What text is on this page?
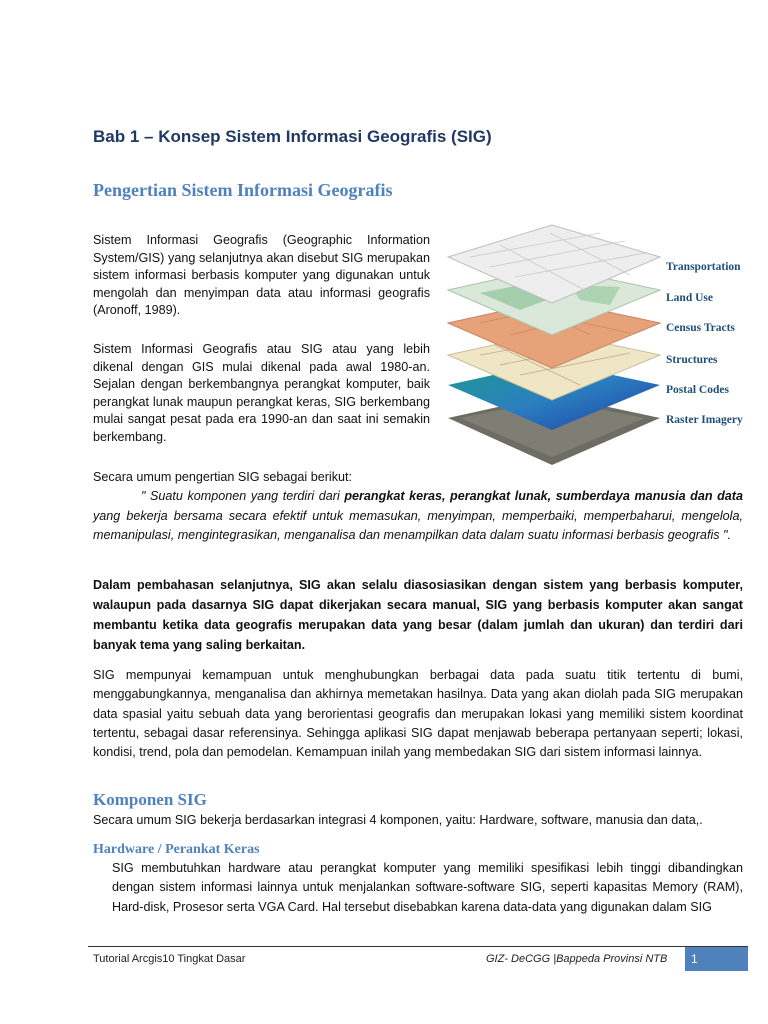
Bab 1 – Konsep Sistem Informasi Geografis (SIG)
Pengertian Sistem Informasi Geografis
Sistem Informasi Geografis (Geographic Information System/GIS) yang selanjutnya akan disebut SIG merupakan sistem informasi berbasis komputer yang digunakan untuk mengolah dan menyimpan data atau informasi geografis (Aronoff, 1989).
Sistem Informasi Geografis atau SIG atau yang lebih dikenal dengan GIS mulai dikenal pada awal 1980-an. Sejalan dengan berkembangnya perangkat komputer, baik perangkat lunak maupun perangkat keras, SIG berkembang mulai sangat pesat pada era 1990-an dan saat ini semakin berkembang.
Transportation
Land Use
Census Tracts
Structures
Postal Codes
Raster Imagery
Secara umum pengertian SIG sebagai berikut:
" Suatu komponen yang terdiri dari perangkat keras, perangkat lunak, sumberdaya manusia dan data yang bekerja bersama secara efektif untuk memasukan, menyimpan, memperbaiki, memperbaharui, mengelola, memanipulasi, mengintegrasikan, menganalisa dan menampilkan data dalam suatu informasi berbasis geografis ".
Dalam pembahasan selanjutnya, SIG akan selalu diasosiasikan dengan sistem yang berbasis komputer, walaupun pada dasarnya SIG dapat dikerjakan secara manual, SIG yang berbasis komputer akan sangat membantu ketika data geografis merupakan data yang besar (dalam jumlah dan ukuran) dan terdiri dari banyak tema yang saling berkaitan.
SIG mempunyai kemampuan untuk menghubungkan berbagai data pada suatu titik tertentu di bumi, menggabungkannya, menganalisa dan akhirnya memetakan hasilnya. Data yang akan diolah pada SIG merupakan data spasial yaitu sebuah data yang berorientasi geografis dan merupakan lokasi yang memiliki sistem koordinat tertentu, sebagai dasar referensinya. Sehingga aplikasi SIG dapat menjawab beberapa pertanyaan seperti; lokasi, kondisi, trend, pola dan pemodelan. Kemampuan inilah yang membedakan SIG dari sistem informasi lainnya.
Komponen SIG
Secara umum SIG bekerja berdasarkan integrasi 4 komponen, yaitu: Hardware, software, manusia dan data,.
Hardware / Perankat Keras
SIG membutuhkan hardware atau perangkat komputer yang memiliki spesifikasi lebih tinggi dibandingkan dengan sistem informasi lainnya untuk menjalankan software-software SIG, seperti kapasitas Memory (RAM), Hard-disk, Prosesor serta VGA Card. Hal tersebut disebabkan karena data-data yang digunakan dalam SIG
Tutorial Arcgis10 Tingkat Dasar	GIZ- DeCGG |Bappeda Provinsi NTB	1
